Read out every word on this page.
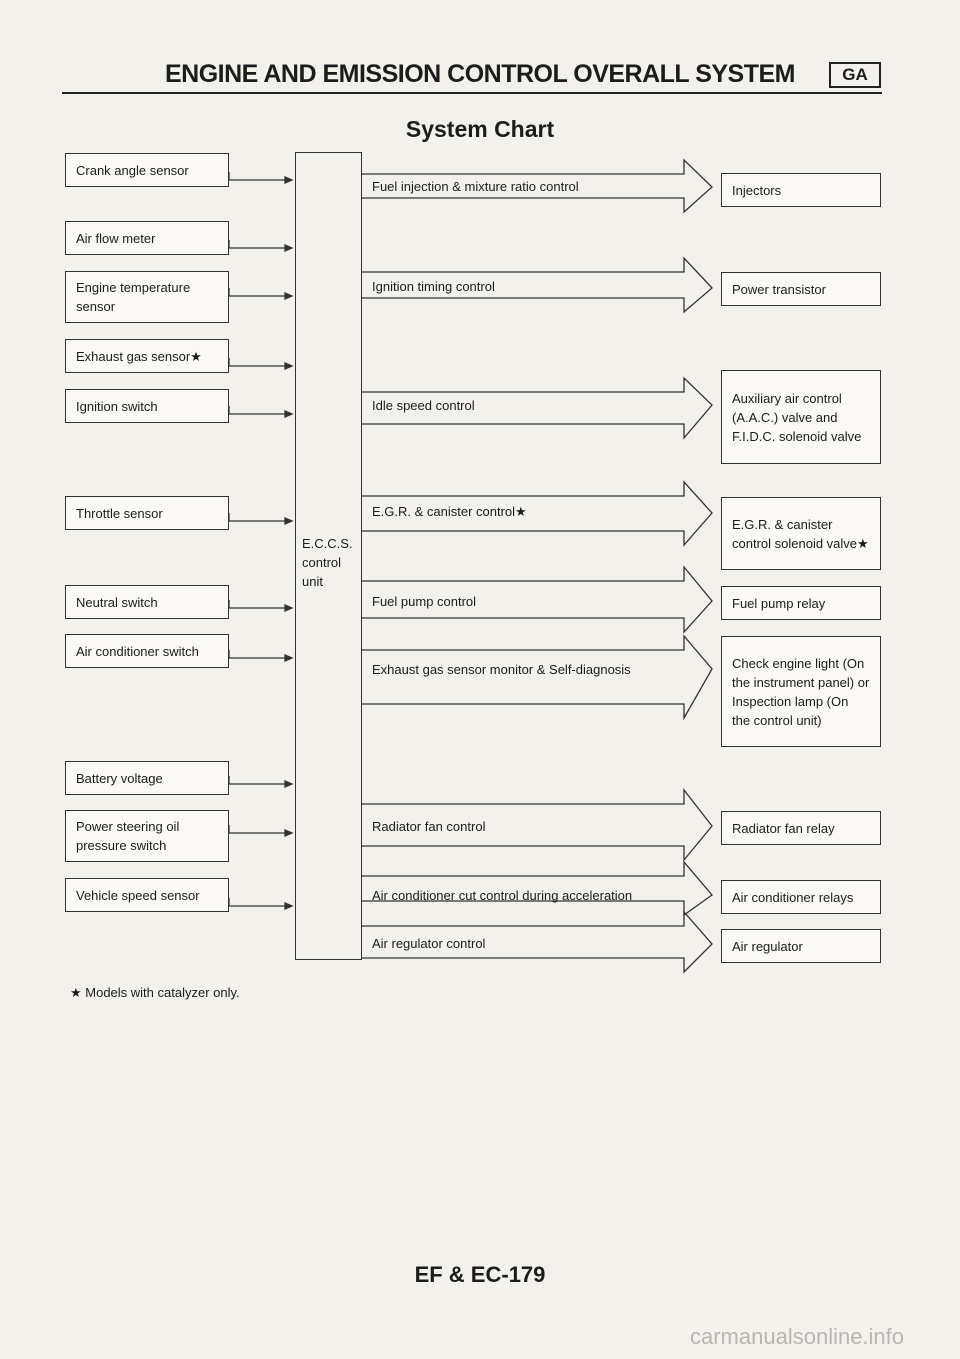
ENGINE AND EMISSION CONTROL OVERALL SYSTEM	GA
System Chart
Crank angle sensor
Air flow meter
Engine temperature sensor
Exhaust gas sensor★
Ignition switch
Throttle sensor
Neutral switch
Air conditioner switch
Battery voltage
Power steering oil pressure switch
Vehicle speed sensor
E.C.C.S. control unit
Fuel injection & mixture ratio control
Ignition timing control
Idle speed control
E.G.R. & canister control★
Fuel pump control
Exhaust gas sensor monitor & Self-diagnosis
Radiator fan control
Air conditioner cut control during acceleration
Air regulator control
Injectors
Power transistor
Auxiliary air control (A.A.C.) valve and F.I.D.C. solenoid valve
E.G.R. & canister control solenoid valve★
Fuel pump relay
Check engine light (On the instrument panel) or Inspection lamp (On the control unit)
Radiator fan relay
Air conditioner relays
Air regulator
★ Models with catalyzer only.
EF & EC-179
carmanualsonline.info
